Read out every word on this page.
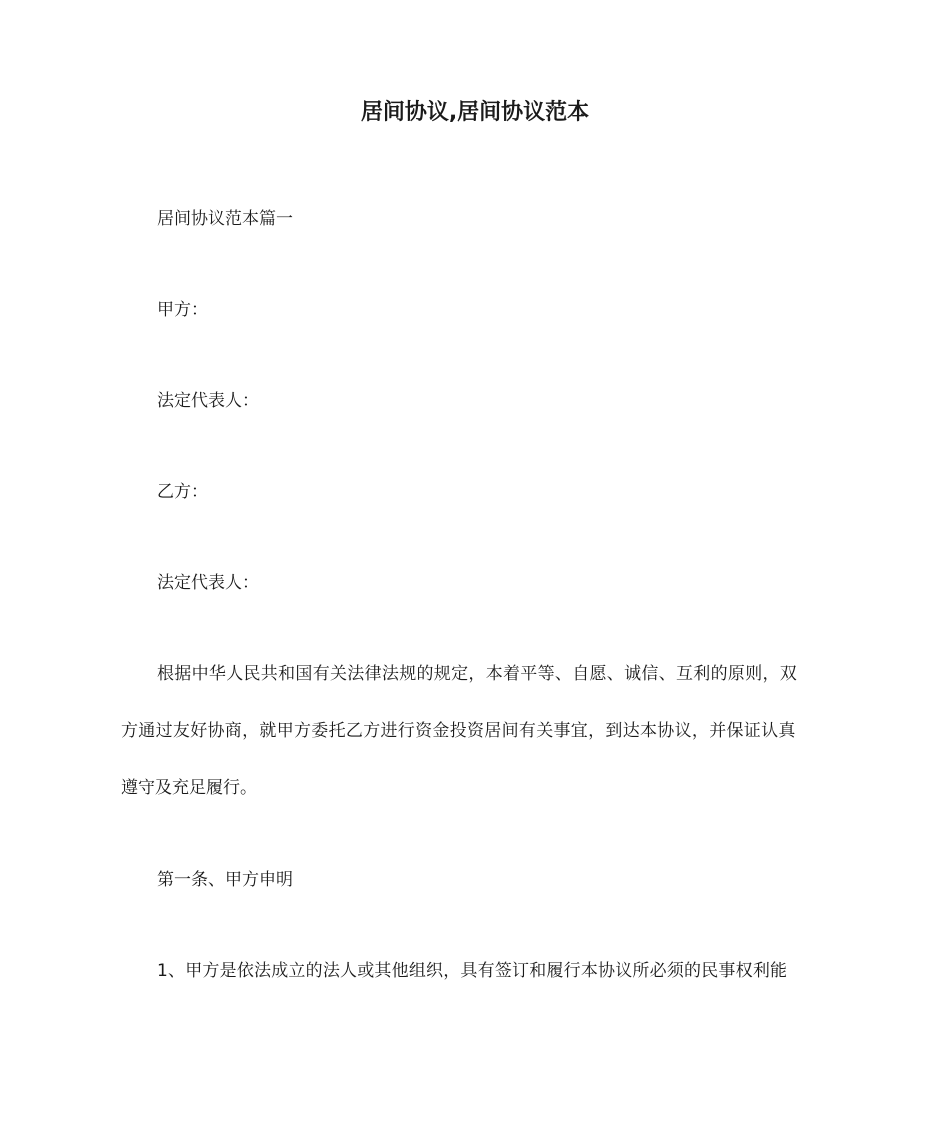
居间协议,居间协议范本
居间协议范本篇一
甲方：
法定代表人：
乙方：
法定代表人：
根据中华人民共和国有关法律法规的规定，本着平等、自愿、诚信、互利的原则，双
方通过友好协商，就甲方委托乙方进行资金投资居间有关事宜，到达本协议，并保证认真
遵守及充足履行。
第一条、甲方申明
1、甲方是依法成立的法人或其他组织，具有签订和履行本协议所必须的民事权利能
